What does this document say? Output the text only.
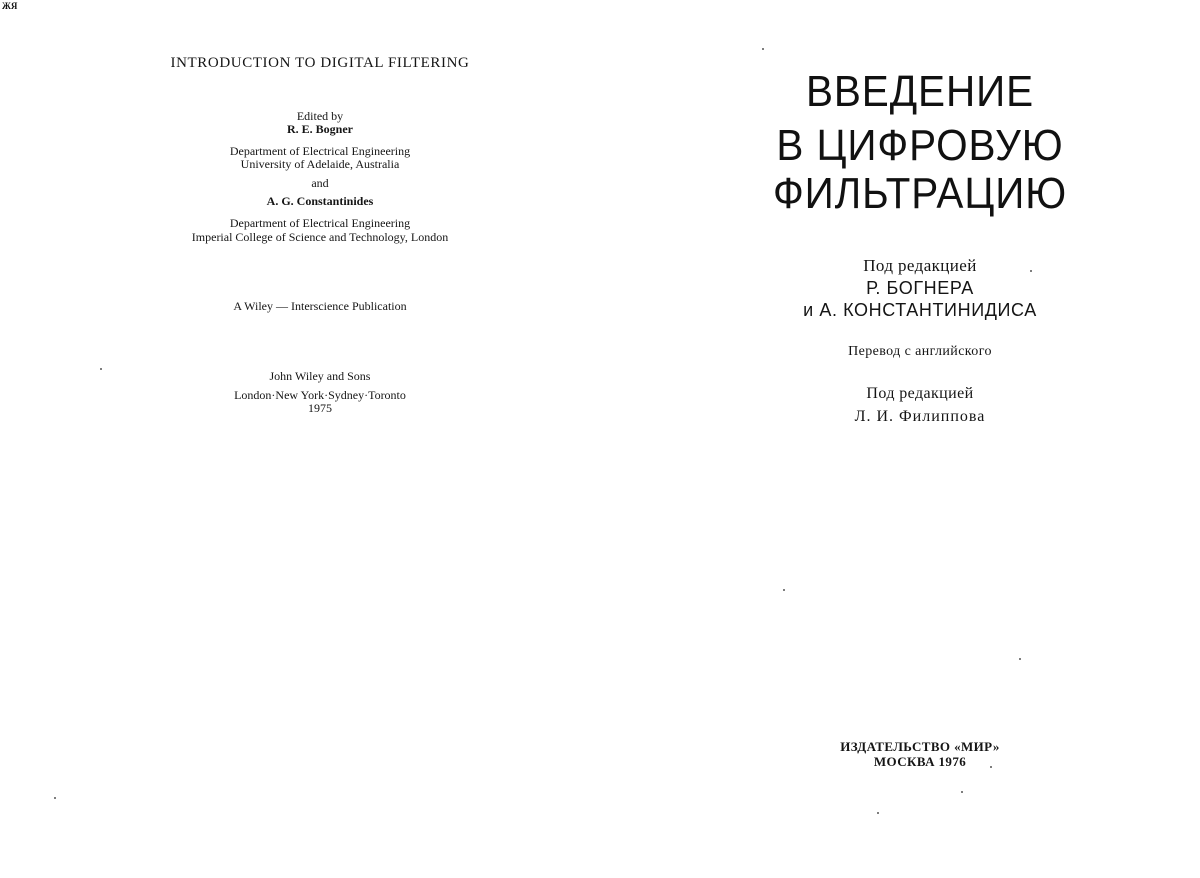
ЖЯ
INTRODUCTION TO DIGITAL FILTERING
Edited by
R. E. Bogner
Department of Electrical Engineering
University of Adelaide, Australia
and
A. G. Constantinides
Department of Electrical Engineering
Imperial College of Science and Technology, London
A Wiley — Interscience Publication
John Wiley and Sons
London·New York·Sydney·Toronto
1975
ВВЕДЕНИЕ
В ЦИФРОВУЮ
ФИЛЬТРАЦИЮ
Под редакцией
Р. БОГНЕРА
и А. КОНСТАНТИНИДИСА
Перевод с английского
Под редакцией
Л. И. Филиппова
ИЗДАТЕЛЬСТВО «МИР»
МОСКВА 1976
